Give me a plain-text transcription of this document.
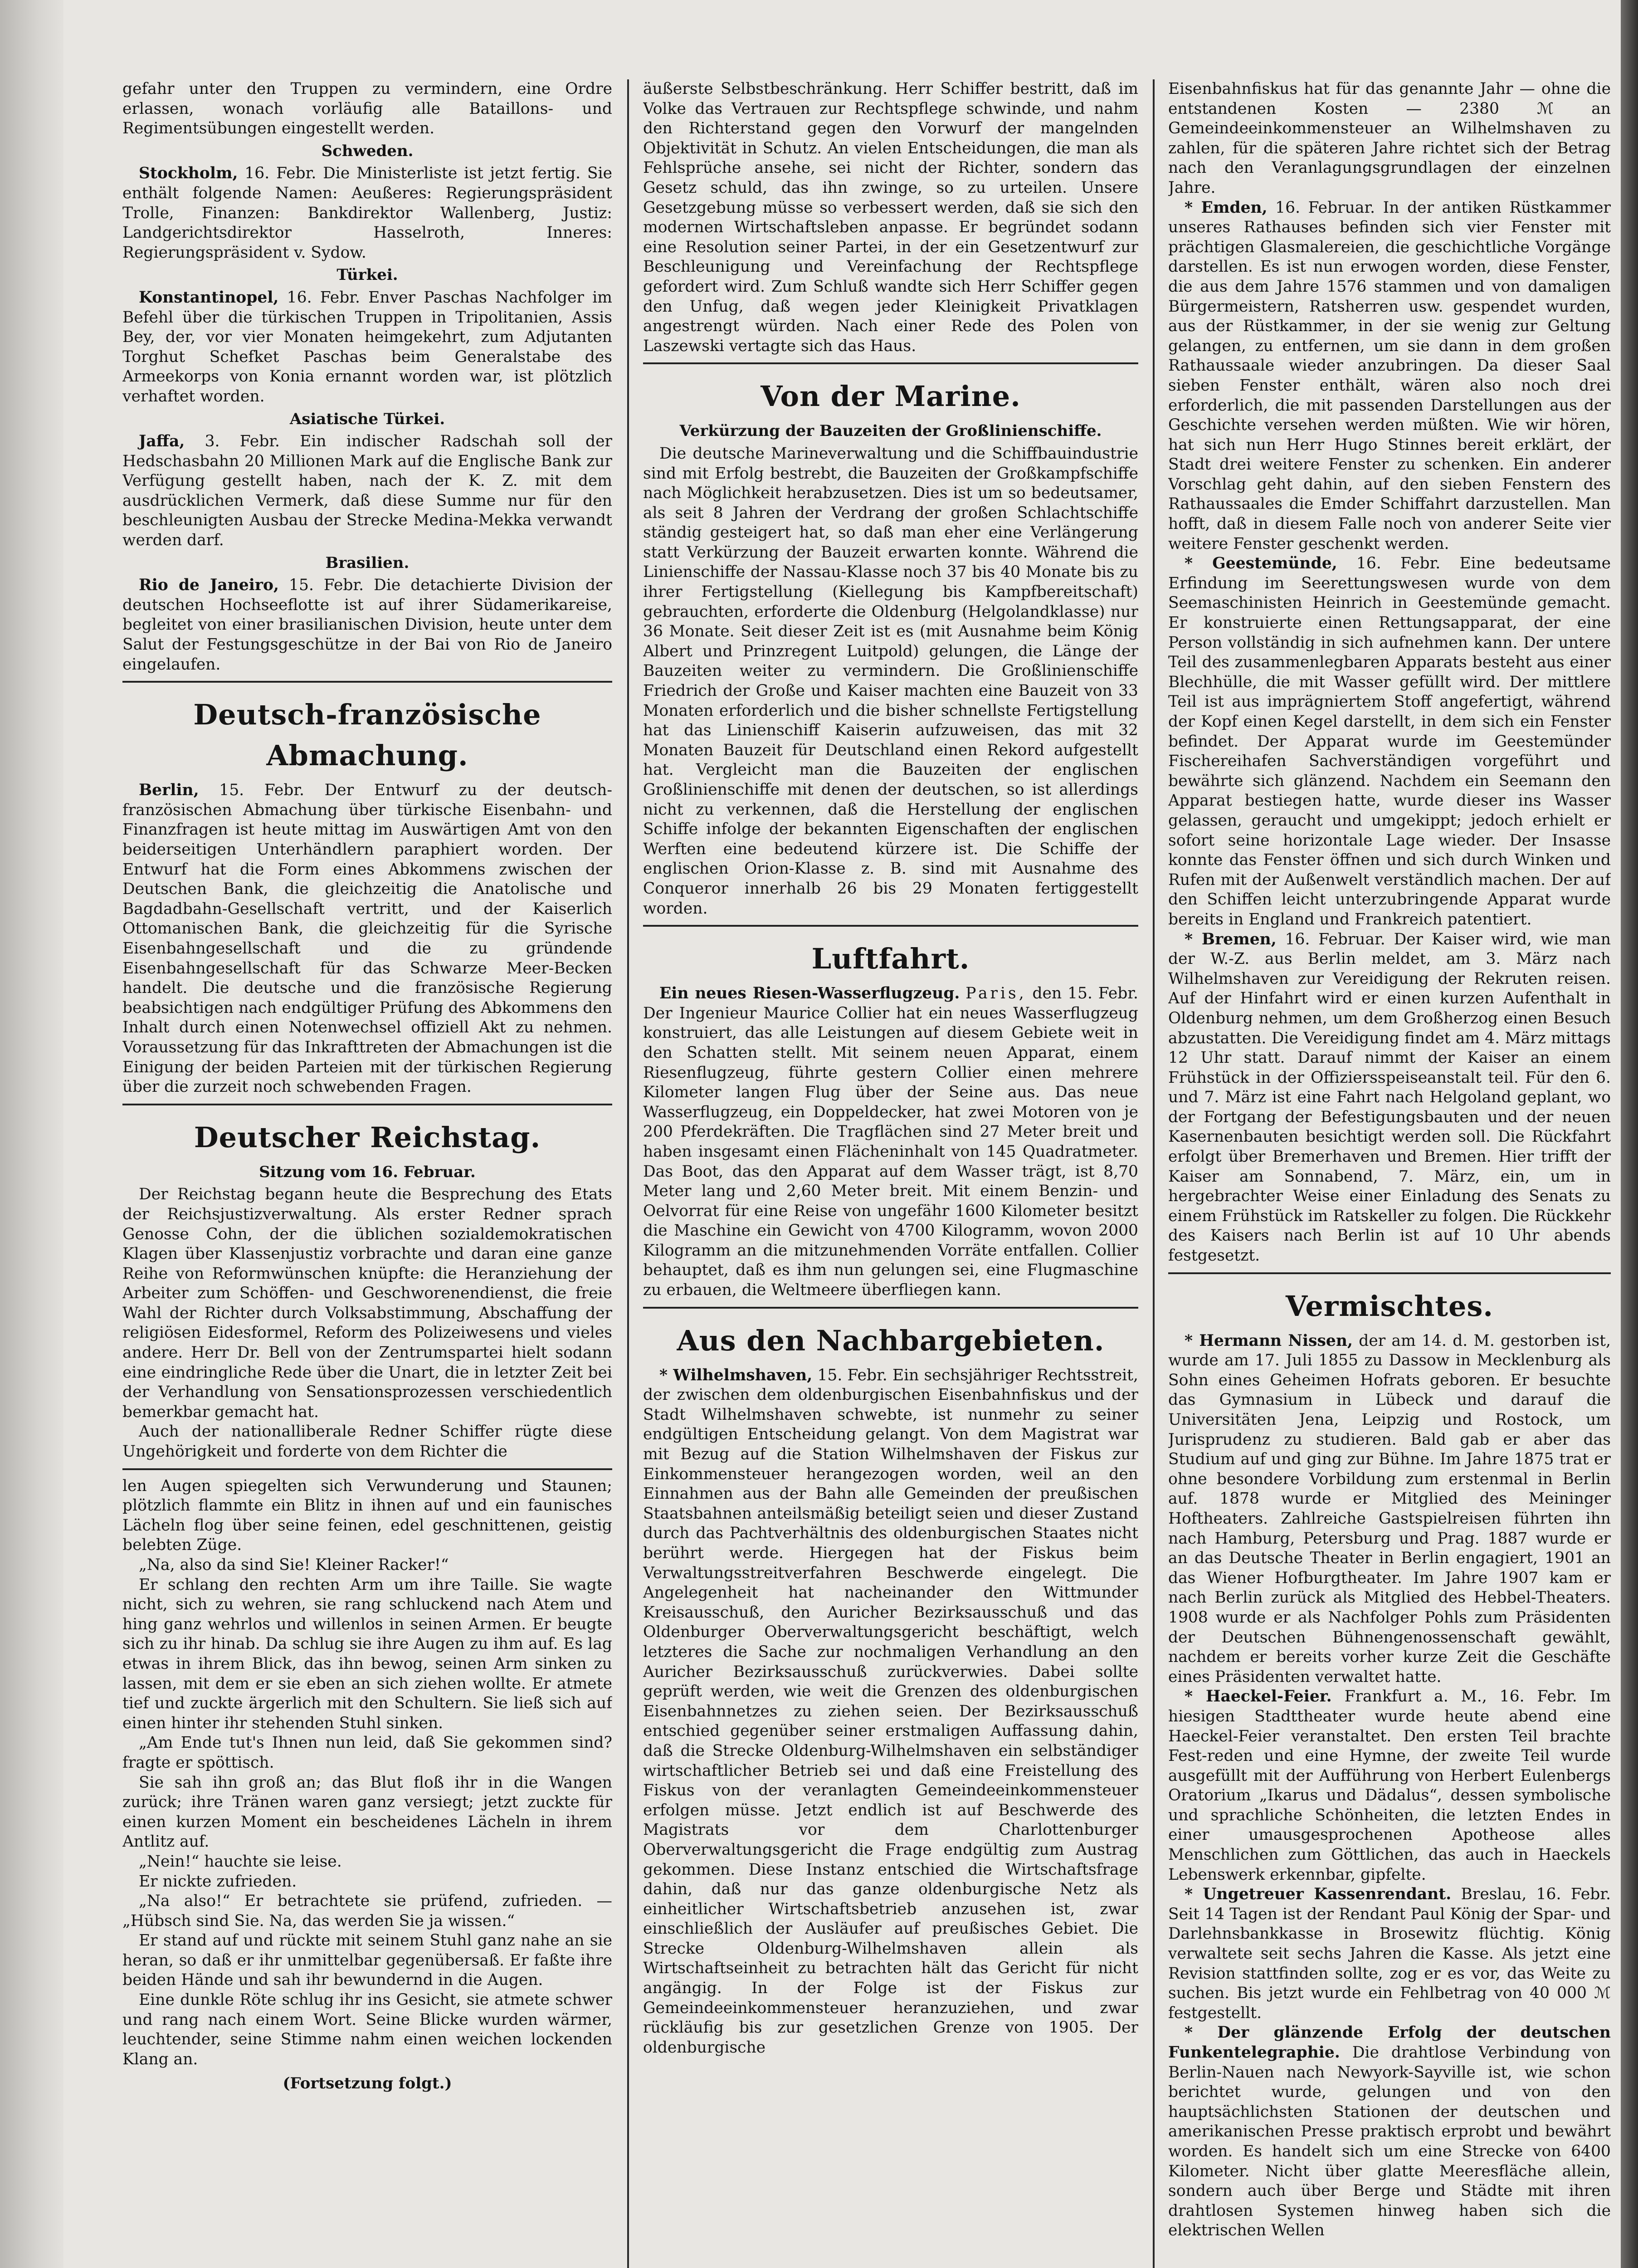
gefahr unter den Truppen zu vermindern, eine Ordre erlassen, wonach vorläufig alle Bataillons- und Regimentsübungen eingestellt werden.

Schweden.

Stockholm, 16. Febr. Die Ministerliste ist jetzt fertig. Sie enthält folgende Namen: Aeußeres: Regierungspräsident Trolle, Finanzen: Bankdirektor Wallenberg, Justiz: Landgerichtsdirektor Hasselroth, Inneres: Regierungspräsident v. Sydow.

Türkei.

Konstantinopel, 16. Febr. Enver Paschas Nachfolger im Befehl über die türkischen Truppen in Tripolitanien, Assis Bey, der, vor vier Monaten heimgekehrt, zum Adjutanten Torghut Schefket Paschas beim Generalstabe des Armeekorps von Konia ernannt worden war, ist plötzlich verhaftet worden.

Asiatische Türkei.

Jaffa, 3. Febr. Ein indischer Radschah soll der Hedschasbahn 20 Millionen Mark auf die Englische Bank zur Verfügung gestellt haben, nach der K. Z. mit dem ausdrücklichen Vermerk, daß diese Summe nur für den beschleunigten Ausbau der Strecke Medina-Mekka verwandt werden darf.

Brasilien.

Rio de Janeiro, 15. Febr. Die detachierte Division der deutschen Hochseeflotte ist auf ihrer Südamerikareise, begleitet von einer brasilianischen Division, heute unter dem Salut der Festungsgeschütze in der Bai von Rio de Janeiro eingelaufen.

Deutsch-französische Abmachung.

Berlin, 15. Febr. Der Entwurf zu der deutsch-französischen Abmachung über türkische Eisenbahn- und Finanzfragen ist heute mittag im Auswärtigen Amt von den beiderseitigen Unterhändlern paraphiert worden. Der Entwurf hat die Form eines Abkommens zwischen der Deutschen Bank, die gleichzeitig die Anatolische und Bagdadbahn-Gesellschaft vertritt, und der Kaiserlich Ottomanischen Bank, die gleichzeitig für die Syrische Eisenbahngesellschaft und die zu gründende Eisenbahngesellschaft für das Schwarze Meer-Becken handelt. Die deutsche und die französische Regierung beabsichtigen nach endgültiger Prüfung des Abkommens den Inhalt durch einen Notenwechsel offiziell Akt zu nehmen. Voraussetzung für das Inkrafttreten der Abmachungen ist die Einigung der beiden Parteien mit der türkischen Regierung über die zurzeit noch schwebenden Fragen.

Deutscher Reichstag.
Sitzung vom 16. Februar.

Der Reichstag begann heute die Besprechung des Etats der Reichsjustizverwaltung. Als erster Redner sprach Genosse Cohn, der die üblichen sozialdemokratischen Klagen über Klassenjustiz vorbrachte und daran eine ganze Reihe von Reformwünschen knüpfte: die Heranziehung der Arbeiter zum Schöffen- und Geschworenendienst, die freie Wahl der Richter durch Volksabstimmung, Abschaffung der religiösen Eidesformel, Reform des Polizeiwesens und vieles andere. Herr Dr. Bell von der Zentrumspartei hielt sodann eine eindringliche Rede über die Unart, die in letzter Zeit bei der Verhandlung von Sensationsprozessen verschiedentlich bemerkbar gemacht hat.

Auch der nationalliberale Redner Schiffer rügte diese Ungehörigkeit und forderte von dem Richter die

len Augen spiegelten sich Verwunderung und Staunen; plötzlich flammte ein Blitz in ihnen auf und ein faunisches Lächeln flog über seine feinen, edel geschnittenen, geistig belebten Züge.

„Na, also da sind Sie! Kleiner Racker!“

Er schlang den rechten Arm um ihre Taille. Sie wagte nicht, sich zu wehren, sie rang schluckend nach Atem und hing ganz wehrlos und willenlos in seinen Armen. Er beugte sich zu ihr hinab. Da schlug sie ihre Augen zu ihm auf. Es lag etwas in ihrem Blick, das ihn bewog, seinen Arm sinken zu lassen, mit dem er sie eben an sich ziehen wollte. Er atmete tief und zuckte ärgerlich mit den Schultern. Sie ließ sich auf einen hinter ihr stehenden Stuhl sinken.

„Am Ende tut's Ihnen nun leid, daß Sie gekommen sind? fragte er spöttisch.

Sie sah ihn groß an; das Blut floß ihr in die Wangen zurück; ihre Tränen waren ganz versiegt; jetzt zuckte für einen kurzen Moment ein bescheidenes Lächeln in ihrem Antlitz auf.

„Nein!“ hauchte sie leise.

Er nickte zufrieden.

„Na also!“ Er betrachtete sie prüfend, zufrieden. — „Hübsch sind Sie. Na, das werden Sie ja wissen.“

Er stand auf und rückte mit seinem Stuhl ganz nahe an sie heran, so daß er ihr unmittelbar gegenübersaß. Er faßte ihre beiden Hände und sah ihr bewundernd in die Augen.

Eine dunkle Röte schlug ihr ins Gesicht, sie atmete schwer und rang nach einem Wort. Seine Blicke wurden wärmer, leuchtender, seine Stimme nahm einen weichen lockenden Klang an.

(Fortsetzung folgt.)

äußerste Selbstbeschränkung. Herr Schiffer bestritt, daß im Volke das Vertrauen zur Rechtspflege schwinde, und nahm den Richterstand gegen den Vorwurf der mangelnden Objektivität in Schutz. An vielen Entscheidungen, die man als Fehlsprüche ansehe, sei nicht der Richter, sondern das Gesetz schuld, das ihn zwinge, so zu urteilen. Unsere Gesetzgebung müsse so verbessert werden, daß sie sich den modernen Wirtschaftsleben anpasse. Er begründet sodann eine Resolution seiner Partei, in der ein Gesetzentwurf zur Beschleunigung und Vereinfachung der Rechtspflege gefordert wird. Zum Schluß wandte sich Herr Schiffer gegen den Unfug, daß wegen jeder Kleinigkeit Privatklagen angestrengt würden. Nach einer Rede des Polen von Laszewski vertagte sich das Haus.

Von der Marine.
Verkürzung der Bauzeiten der Großlinienschiffe.

Die deutsche Marineverwaltung und die Schiffbauindustrie sind mit Erfolg bestrebt, die Bauzeiten der Großkampfschiffe nach Möglichkeit herabzusetzen. Dies ist um so bedeutsamer, als seit 8 Jahren der Verdrang der großen Schlachtschiffe ständig gesteigert hat, so daß man eher eine Verlängerung statt Verkürzung der Bauzeit erwarten konnte. Während die Linienschiffe der Nassau-Klasse noch 37 bis 40 Monate bis zu ihrer Fertigstellung (Kiellegung bis Kampfbereitschaft) gebrauchten, erforderte die Oldenburg (Helgolandklasse) nur 36 Monate. Seit dieser Zeit ist es (mit Ausnahme beim König Albert und Prinzregent Luitpold) gelungen, die Länge der Bauzeiten weiter zu vermindern. Die Großlinienschiffe Friedrich der Große und Kaiser machten eine Bauzeit von 33 Monaten erforderlich und die bisher schnellste Fertigstellung hat das Linienschiff Kaiserin aufzuweisen, das mit 32 Monaten Bauzeit für Deutschland einen Rekord aufgestellt hat. Vergleicht man die Bauzeiten der englischen Großlinienschiffe mit denen der deutschen, so ist allerdings nicht zu verkennen, daß die Herstellung der englischen Schiffe infolge der bekannten Eigenschaften der englischen Werften eine bedeutend kürzere ist. Die Schiffe der englischen Orion-Klasse z. B. sind mit Ausnahme des Conqueror innerhalb 26 bis 29 Monaten fertiggestellt worden.

Luftfahrt.

Ein neues Riesen-Wasserflugzeug. Paris, den 15. Febr. Der Ingenieur Maurice Collier hat ein neues Wasserflugzeug konstruiert, das alle Leistungen auf diesem Gebiete weit in den Schatten stellt. Mit seinem neuen Apparat, einem Riesenflugzeug, führte gestern Collier einen mehrere Kilometer langen Flug über der Seine aus. Das neue Wasserflugzeug, ein Doppeldecker, hat zwei Motoren von je 200 Pferdekräften. Die Tragflächen sind 27 Meter breit und haben insgesamt einen Flächeninhalt von 145 Quadratmeter. Das Boot, das den Apparat auf dem Wasser trägt, ist 8,70 Meter lang und 2,60 Meter breit. Mit einem Benzin- und Oelvorrat für eine Reise von ungefähr 1600 Kilometer besitzt die Maschine ein Gewicht von 4700 Kilogramm, wovon 2000 Kilogramm an die mitzunehmenden Vorräte entfallen. Collier behauptet, daß es ihm nun gelungen sei, eine Flugmaschine zu erbauen, die Weltmeere überfliegen kann.

Aus den Nachbargebieten.

* Wilhelmshaven, 15. Febr. Ein sechsjähriger Rechtsstreit, der zwischen dem oldenburgischen Eisenbahnfiskus und der Stadt Wilhelmshaven schwebte, ist nunmehr zu seiner endgültigen Entscheidung gelangt. Von dem Magistrat war mit Bezug auf die Station Wilhelmshaven der Fiskus zur Einkommensteuer herangezogen worden, weil an den Einnahmen aus der Bahn alle Gemeinden der preußischen Staatsbahnen anteilsmäßig beteiligt seien und dieser Zustand durch das Pachtverhältnis des oldenburgischen Staates nicht berührt werde. Hiergegen hat der Fiskus beim Verwaltungsstreitverfahren Beschwerde eingelegt. Die Angelegenheit hat nacheinander den Wittmunder Kreisausschuß, den Auricher Bezirksausschuß und das Oldenburger Oberverwaltungsgericht beschäftigt, welch letzteres die Sache zur nochmaligen Verhandlung an den Auricher Bezirksausschuß zurückverwies. Dabei sollte geprüft werden, wie weit die Grenzen des oldenburgischen Eisenbahnnetzes zu ziehen seien. Der Bezirksausschuß entschied gegenüber seiner erstmaligen Auffassung dahin, daß die Strecke Oldenburg-Wilhelmshaven ein selbständiger wirtschaftlicher Betrieb sei und daß eine Freistellung des Fiskus von der veranlagten Gemeindeeinkommensteuer erfolgen müsse. Jetzt endlich ist auf Beschwerde des Magistrats vor dem Charlottenburger Oberverwaltungsgericht die Frage endgültig zum Austrag gekommen. Diese Instanz entschied die Wirtschaftsfrage dahin, daß nur das ganze oldenburgische Netz als einheitlicher Wirtschaftsbetrieb anzusehen ist, zwar einschließlich der Ausläufer auf preußisches Gebiet. Die Strecke Oldenburg-Wilhelmshaven allein als Wirtschaftseinheit zu betrachten hält das Gericht für nicht angängig. In der Folge ist der Fiskus zur Gemeindeeinkommensteuer heranzuziehen, und zwar rückläufig bis zur gesetzlichen Grenze von 1905. Der oldenburgische

Eisenbahnfiskus hat für das genannte Jahr — ohne die entstandenen Kosten — 2380 ℳ an Gemeindeeinkommensteuer an Wilhelmshaven zu zahlen, für die späteren Jahre richtet sich der Betrag nach den Veranlagungsgrundlagen der einzelnen Jahre.

* Emden, 16. Februar. In der antiken Rüstkammer unseres Rathauses befinden sich vier Fenster mit prächtigen Glasmalereien, die geschichtliche Vorgänge darstellen. Es ist nun erwogen worden, diese Fenster, die aus dem Jahre 1576 stammen und von damaligen Bürgermeistern, Ratsherren usw. gespendet wurden, aus der Rüstkammer, in der sie wenig zur Geltung gelangen, zu entfernen, um sie dann in dem großen Rathaussaale wieder anzubringen. Da dieser Saal sieben Fenster enthält, wären also noch drei erforderlich, die mit passenden Darstellungen aus der Geschichte versehen werden müßten. Wie wir hören, hat sich nun Herr Hugo Stinnes bereit erklärt, der Stadt drei weitere Fenster zu schenken. Ein anderer Vorschlag geht dahin, auf den sieben Fenstern des Rathaussaales die Emder Schiffahrt darzustellen. Man hofft, daß in diesem Falle noch von anderer Seite vier weitere Fenster geschenkt werden.

* Geestemünde, 16. Febr. Eine bedeutsame Erfindung im Seerettungswesen wurde von dem Seemaschinisten Heinrich in Geestemünde gemacht. Er konstruierte einen Rettungsapparat, der eine Person vollständig in sich aufnehmen kann. Der untere Teil des zusammenlegbaren Apparats besteht aus einer Blechhülle, die mit Wasser gefüllt wird. Der mittlere Teil ist aus imprägniertem Stoff angefertigt, während der Kopf einen Kegel darstellt, in dem sich ein Fenster befindet. Der Apparat wurde im Geestemünder Fischereihafen Sachverständigen vorgeführt und bewährte sich glänzend. Nachdem ein Seemann den Apparat bestiegen hatte, wurde dieser ins Wasser gelassen, geraucht und umgekippt; jedoch erhielt er sofort seine horizontale Lage wieder. Der Insasse konnte das Fenster öffnen und sich durch Winken und Rufen mit der Außenwelt verständlich machen. Der auf den Schiffen leicht unterzubringende Apparat wurde bereits in England und Frankreich patentiert.

* Bremen, 16. Februar. Der Kaiser wird, wie man der W.-Z. aus Berlin meldet, am 3. März nach Wilhelmshaven zur Vereidigung der Rekruten reisen. Auf der Hinfahrt wird er einen kurzen Aufenthalt in Oldenburg nehmen, um dem Großherzog einen Besuch abzustatten. Die Vereidigung findet am 4. März mittags 12 Uhr statt. Darauf nimmt der Kaiser an einem Frühstück in der Offiziersspeiseanstalt teil. Für den 6. und 7. März ist eine Fahrt nach Helgoland geplant, wo der Fortgang der Befestigungsbauten und der neuen Kasernenbauten besichtigt werden soll. Die Rückfahrt erfolgt über Bremerhaven und Bremen. Hier trifft der Kaiser am Sonnabend, 7. März, ein, um in hergebrachter Weise einer Einladung des Senats zu einem Frühstück im Ratskeller zu folgen. Die Rückkehr des Kaisers nach Berlin ist auf 10 Uhr abends festgesetzt.

Vermischtes.

* Hermann Nissen, der am 14. d. M. gestorben ist, wurde am 17. Juli 1855 zu Dassow in Mecklenburg als Sohn eines Geheimen Hofrats geboren. Er besuchte das Gymnasium in Lübeck und darauf die Universitäten Jena, Leipzig und Rostock, um Jurisprudenz zu studieren. Bald gab er aber das Studium auf und ging zur Bühne. Im Jahre 1875 trat er ohne besondere Vorbildung zum erstenmal in Berlin auf. 1878 wurde er Mitglied des Meininger Hoftheaters. Zahlreiche Gastspielreisen führten ihn nach Hamburg, Petersburg und Prag. 1887 wurde er an das Deutsche Theater in Berlin engagiert, 1901 an das Wiener Hofburgtheater. Im Jahre 1907 kam er nach Berlin zurück als Mitglied des Hebbel-Theaters. 1908 wurde er als Nachfolger Pohls zum Präsidenten der Deutschen Bühnengenossenschaft gewählt, nachdem er bereits vorher kurze Zeit die Geschäfte eines Präsidenten verwaltet hatte.

* Haeckel-Feier. Frankfurt a. M., 16. Febr. Im hiesigen Stadttheater wurde heute abend eine Haeckel-Feier veranstaltet. Den ersten Teil brachte Fest-reden und eine Hymne, der zweite Teil wurde ausgefüllt mit der Aufführung von Herbert Eulenbergs Oratorium „Ikarus und Dädalus“, dessen symbolische und sprachliche Schönheiten, die letzten Endes in einer umausgesprochenen Apotheose alles Menschlichen zum Göttlichen, das auch in Haeckels Lebenswerk erkennbar, gipfelte.

* Ungetreuer Kassenrendant. Breslau, 16. Febr. Seit 14 Tagen ist der Rendant Paul König der Spar- und Darlehnsbankkasse in Brosewitz flüchtig. König verwaltete seit sechs Jahren die Kasse. Als jetzt eine Revision stattfinden sollte, zog er es vor, das Weite zu suchen. Bis jetzt wurde ein Fehlbetrag von 40 000 ℳ festgestellt.

* Der glänzende Erfolg der deutschen Funkentelegraphie. Die drahtlose Verbindung von Berlin-Nauen nach Newyork-Sayville ist, wie schon berichtet wurde, gelungen und von den hauptsächlichsten Stationen der deutschen und amerikanischen Presse praktisch erprobt und bewährt worden. Es handelt sich um eine Strecke von 6400 Kilometer. Nicht über glatte Meeresfläche allein, sondern auch über Berge und Städte mit ihren drahtlosen Systemen hinweg haben sich die elektrischen Wellen
